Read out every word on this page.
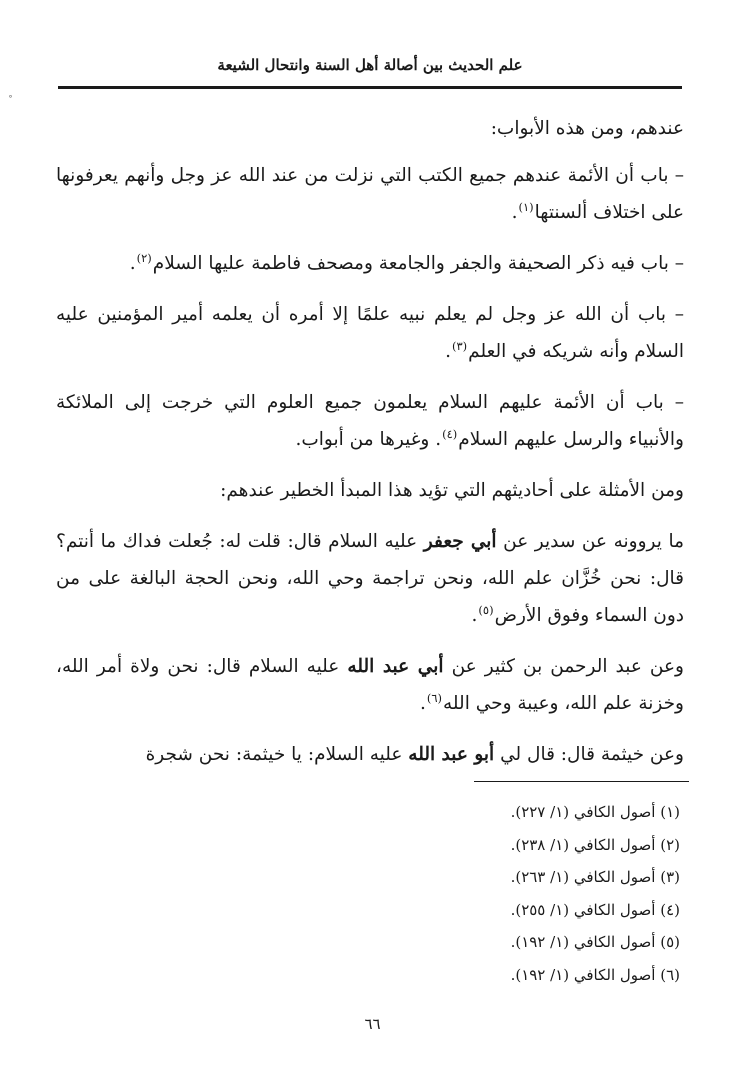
علم الحديث بين أصالة أهل السنة وانتحال الشيعة
˚

عندهم، ومن هذه الأبواب:

– باب أن الأئمة عندهم جميع الكتب التي نزلت من عند الله عز وجل وأنهم يعرفونها على اختلاف ألسنتها$^{(١)}$.

– باب فيه ذكر الصحيفة والجفر والجامعة ومصحف فاطمة عليها السلام$^{(٢)}$.

– باب أن الله عز وجل لم يعلم نبيه علمًا إلا أمره أن يعلمه أمير المؤمنين عليه السلام وأنه شريكه في العلم$^{(٣)}$.

– باب أن الأئمة عليهم السلام يعلمون جميع العلوم التي خرجت إلى الملائكة والأنبياء والرسل عليهم السلام$^{(٤)}$. وغيرها من أبواب.

ومن الأمثلة على أحاديثهم التي تؤيد هذا المبدأ الخطير عندهم:

ما يروونه عن سدير عن أبي جعفر عليه السلام قال: قلت له: جُعلت فداك ما أنتم؟ قال: نحن خُزَّان علم الله، ونحن تراجمة وحي الله، ونحن الحجة البالغة على من دون السماء وفوق الأرض$^{(٥)}$.

وعن عبد الرحمن بن كثير عن أبي عبد الله عليه السلام قال: نحن ولاة أمر الله، وخزنة علم الله، وعيبة وحي الله$^{(٦)}$.

وعن خيثمة قال: قال لي أبو عبد الله عليه السلام: يا خيثمة: نحن شجرة

(١) أصول الكافي (١/ ٢٢٧).
(٢) أصول الكافي (١/ ٢٣٨).
(٣) أصول الكافي (١/ ٢٦٣).
(٤) أصول الكافي (١/ ٢٥٥).
(٥) أصول الكافي (١/ ١٩٢).
(٦) أصول الكافي (١/ ١٩٢).
٦٦
